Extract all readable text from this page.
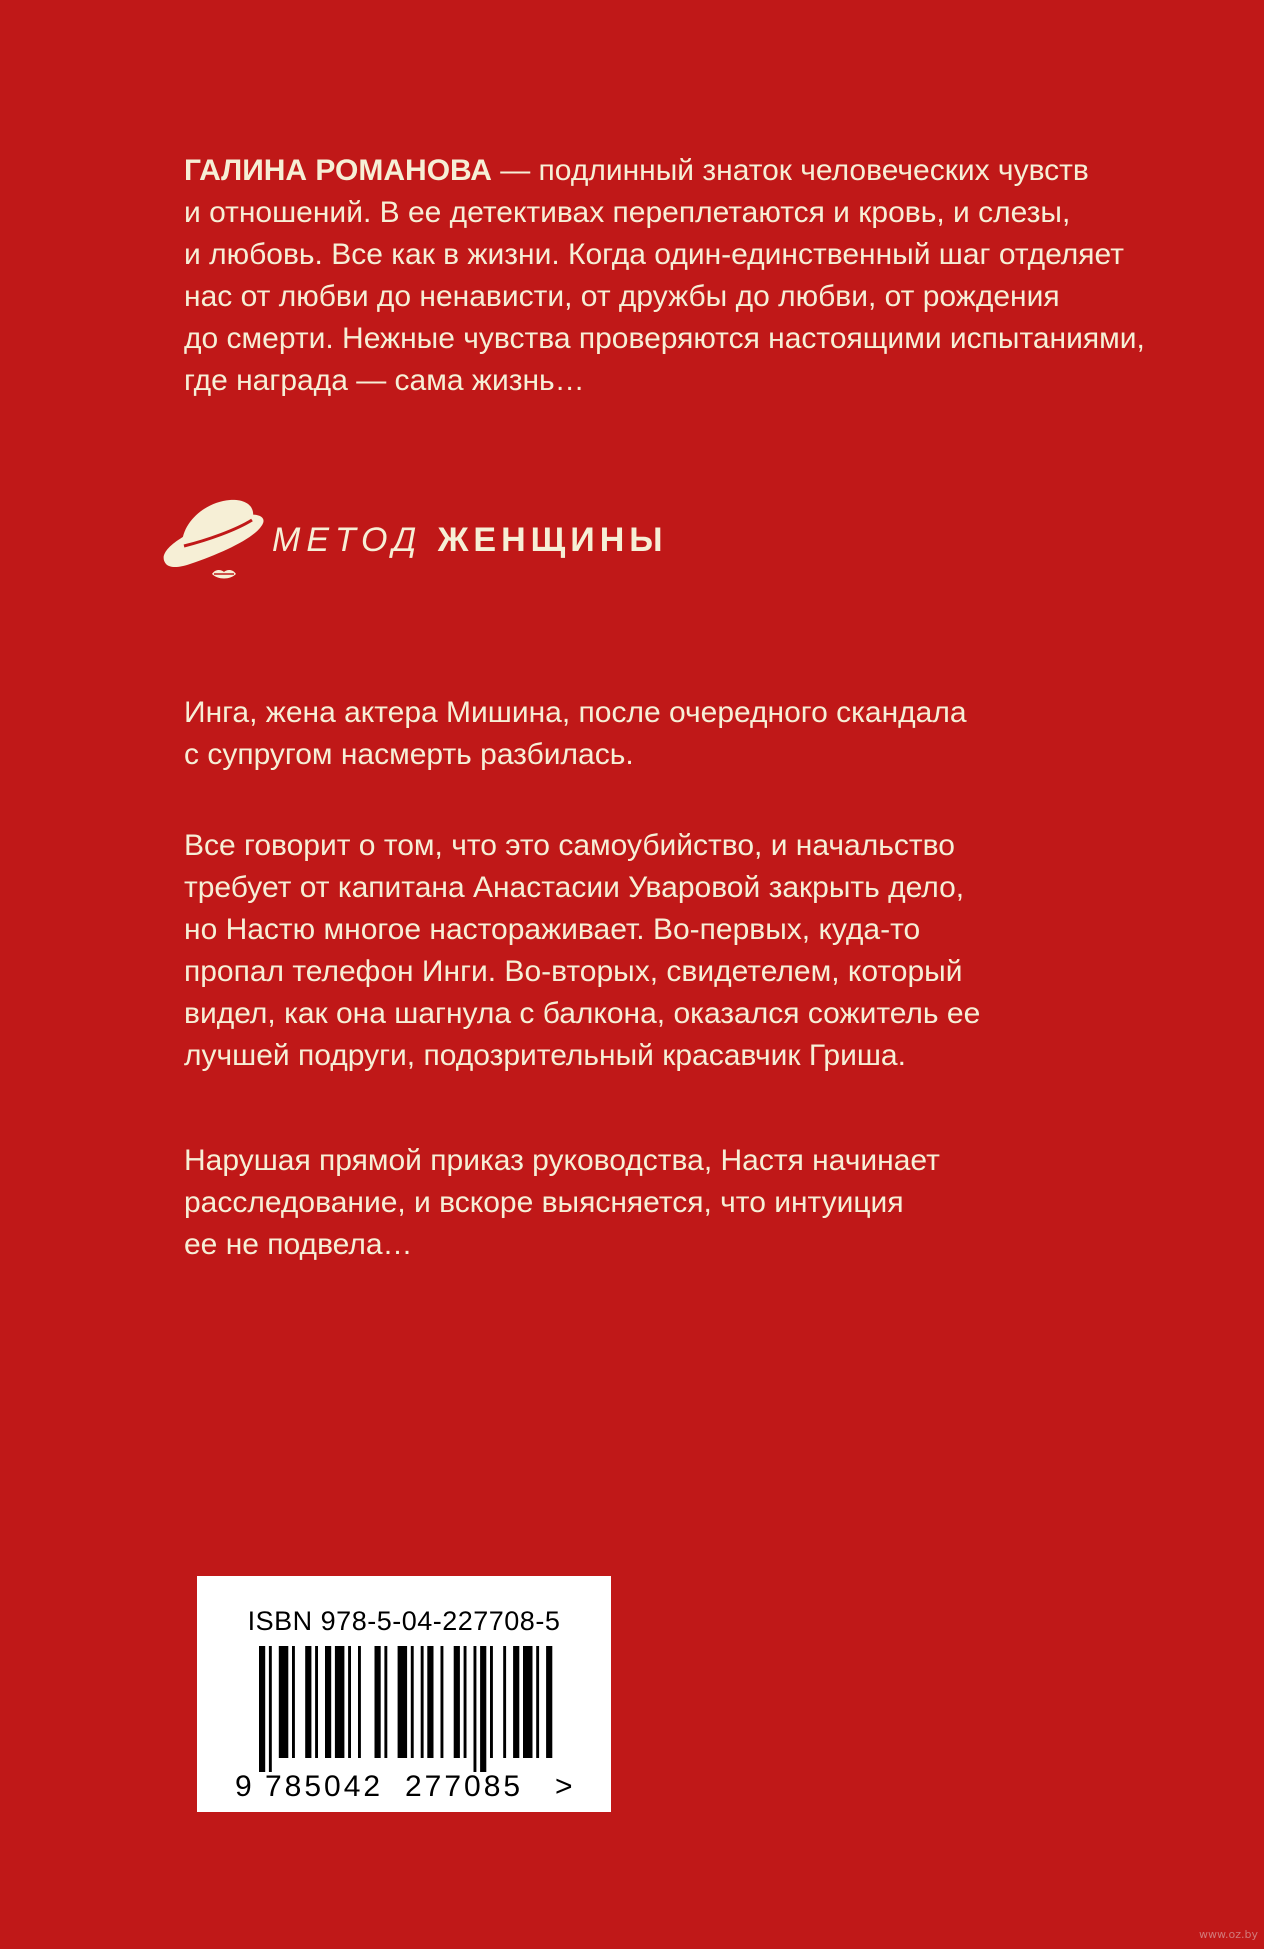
ГАЛИНА РОМАНОВА — подлинный знаток человеческих чувств
и отношений. В ее детективах переплетаются и кровь, и слезы,
и любовь. Все как в жизни. Когда один-единственный шаг отделяет
нас от любви до ненависти, от дружбы до любви, от рождения
до смерти. Нежные чувства проверяются настоящими испытаниями,
где награда — сама жизнь…
МЕТОД ЖЕНЩИНЫ
Инга, жена актера Мишина, после очередного скандала
с супругом насмерть разбилась.
Все говорит о том, что это самоубийство, и начальство
требует от капитана Анастасии Уваровой закрыть дело,
но Настю многое настораживает. Во-первых, куда-то
пропал телефон Инги. Во-вторых, свидетелем, который
видел, как она шагнула с балкона, оказался сожитель ее
лучшей подруги, подозрительный красавчик Гриша.
Нарушая прямой приказ руководства, Настя начинает
расследование, и вскоре выясняется, что интуиция
ее не подвела…
ISBN 978-5-04-227708-5
9 785042 277085 >
www.oz.by
